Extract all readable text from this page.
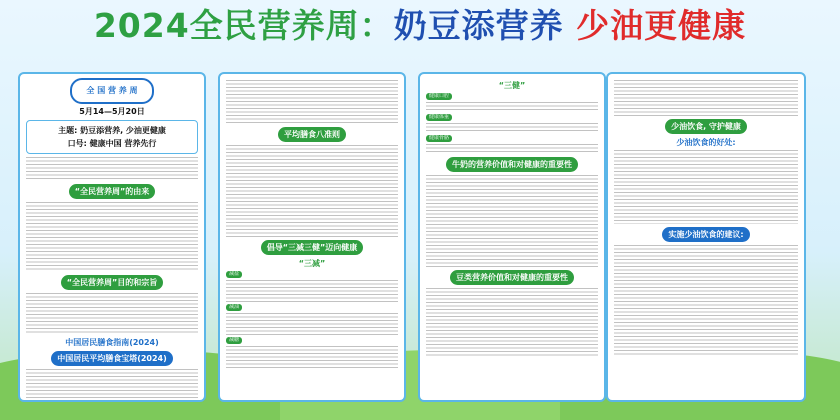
2024全民营养周：奶豆添营养 少油更健康
全 国 营 养 周
5月14—5月20日
主题: 奶豆添营养, 少油更健康
口号: 健康中国 营养先行
“全民营养周”的由来
“全民营养周”目的和宗旨
中国居民膳食指南(2024)
中国居民平均膳食宝塔(2024)
平均膳食八准则
倡导“三减三健”迈向健康
“三减”
减盐
减油
减糖
“三健”
健康口腔
健康体重
健康骨骼
牛奶的营养价值和对健康的重要性
豆类营养价值和对健康的重要性
少油饮食, 守护健康
少油饮食的好处:
实施少油饮食的建议:
